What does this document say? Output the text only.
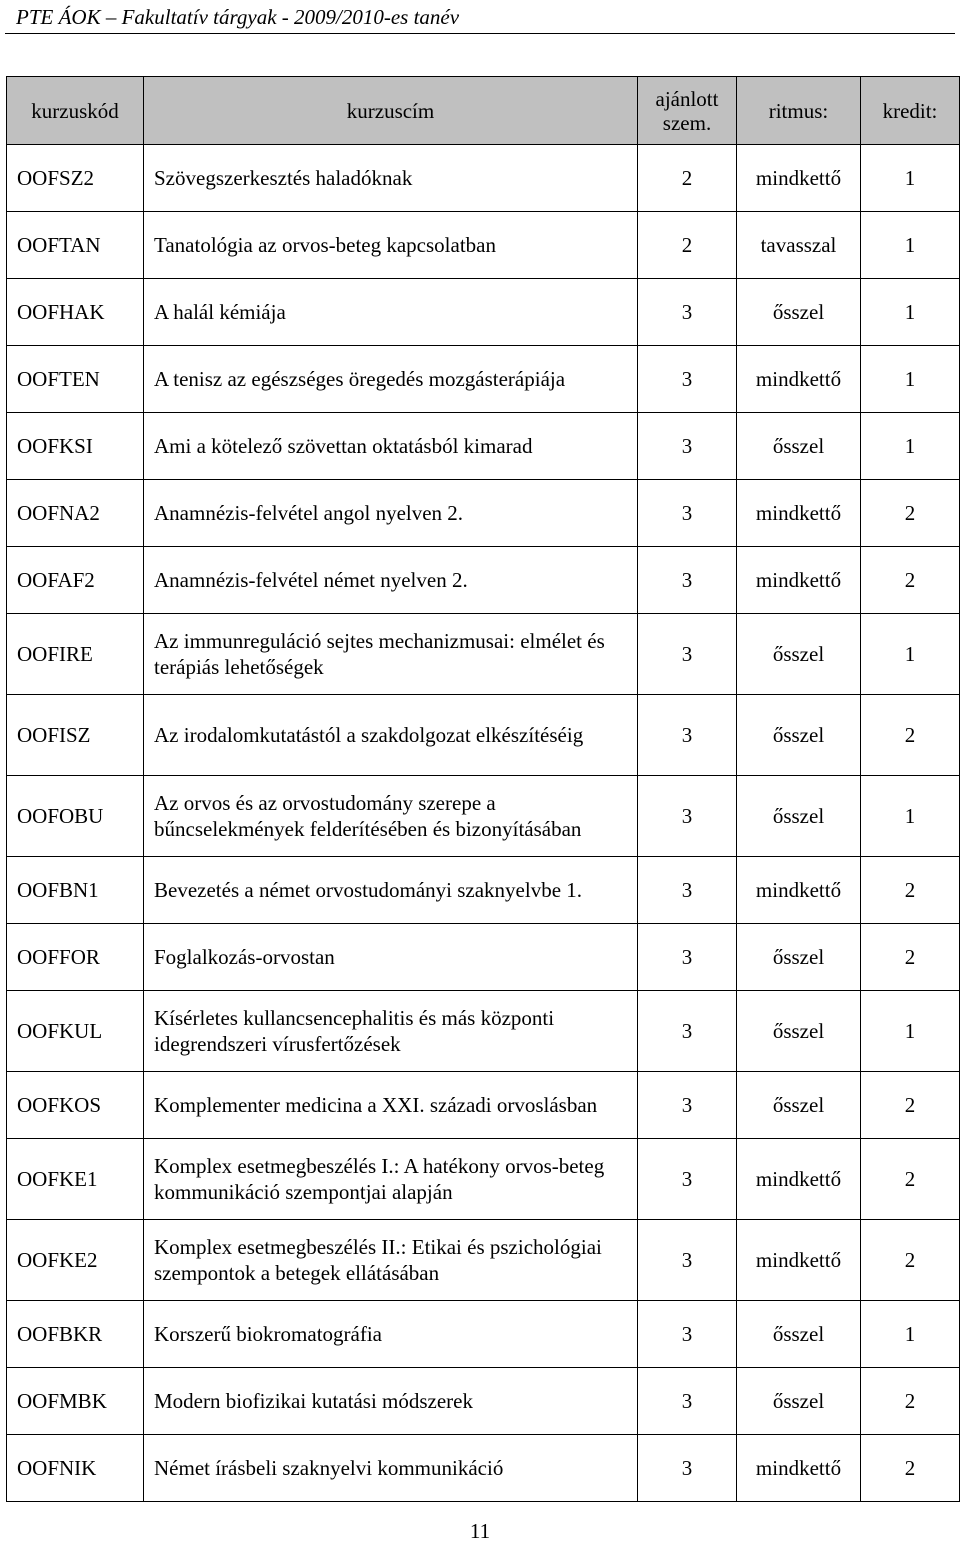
PTE ÁOK – Fakultatív tárgyak - 2009/2010-es tanév
kurzuskód	kurzuscím	ajánlott szem.	ritmus:	kredit:
OOFSZ2	Szövegszerkesztés haladóknak	2	mindkettő	1
OOFTAN	Tanatológia az orvos-beteg kapcsolatban	2	tavasszal	1
OOFHAK	A halál kémiája	3	ősszel	1
OOFTEN	A tenisz az egészséges öregedés mozgásterápiája	3	mindkettő	1
OOFKSI	Ami a kötelező szövettan oktatásból kimarad	3	ősszel	1
OOFNA2	Anamnézis-felvétel angol nyelven 2.	3	mindkettő	2
OOFAF2	Anamnézis-felvétel német nyelven 2.	3	mindkettő	2
OOFIRE	Az immunreguláció sejtes mechanizmusai: elmélet és terápiás lehetőségek	3	ősszel	1
OOFISZ	Az irodalomkutatástól a szakdolgozat elkészítéséig	3	ősszel	2
OOFOBU	Az orvos és az orvostudomány szerepe a bűncselekmények felderítésében és bizonyításában	3	ősszel	1
OOFBN1	Bevezetés a német orvostudományi szaknyelvbe 1.	3	mindkettő	2
OOFFOR	Foglalkozás-orvostan	3	ősszel	2
OOFKUL	Kísérletes kullancsencephalitis és más központi idegrendszeri vírusfertőzések	3	ősszel	1
OOFKOS	Komplementer medicina a XXI. századi orvoslásban	3	ősszel	2
OOFKE1	Komplex esetmegbeszélés I.: A hatékony orvos-beteg kommunikáció szempontjai alapján	3	mindkettő	2
OOFKE2	Komplex esetmegbeszélés II.: Etikai és pszichológiai szempontok a betegek ellátásában	3	mindkettő	2
OOFBKR	Korszerű biokromatográfia	3	ősszel	1
OOFMBK	Modern biofizikai kutatási módszerek	3	ősszel	2
OOFNIK	Német írásbeli szaknyelvi kommunikáció	3	mindkettő	2
11
